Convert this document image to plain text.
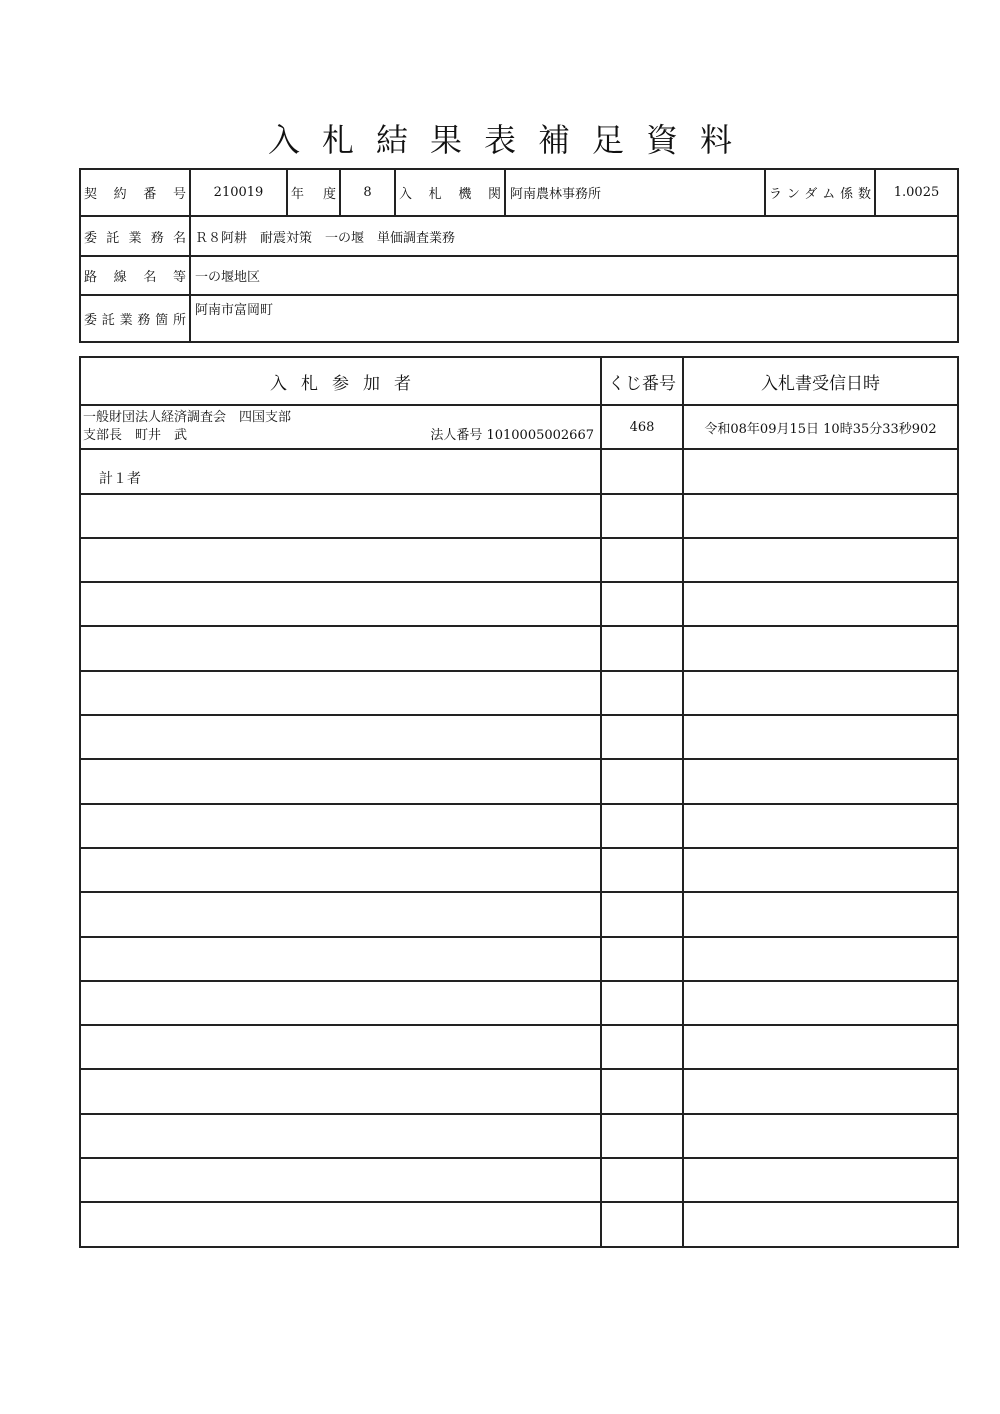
入札結果表補足資料
契約番号	210019	年度	8	入札機関	阿南農林事務所	ランダム係数	1.0025
委託業務名	Ｒ８阿耕　耐震対策　一の堰　単価調査業務						
路線名等	一の堰地区						
委託業務箇所	阿南市富岡町						
入札参加者	くじ番号	入札書受信日時

一般財団法人経済調査会　四国支部
支部長　町井　武 法人番号 1010005002667	468	令和08年09月15日 10時35分33秒902

計１者		
